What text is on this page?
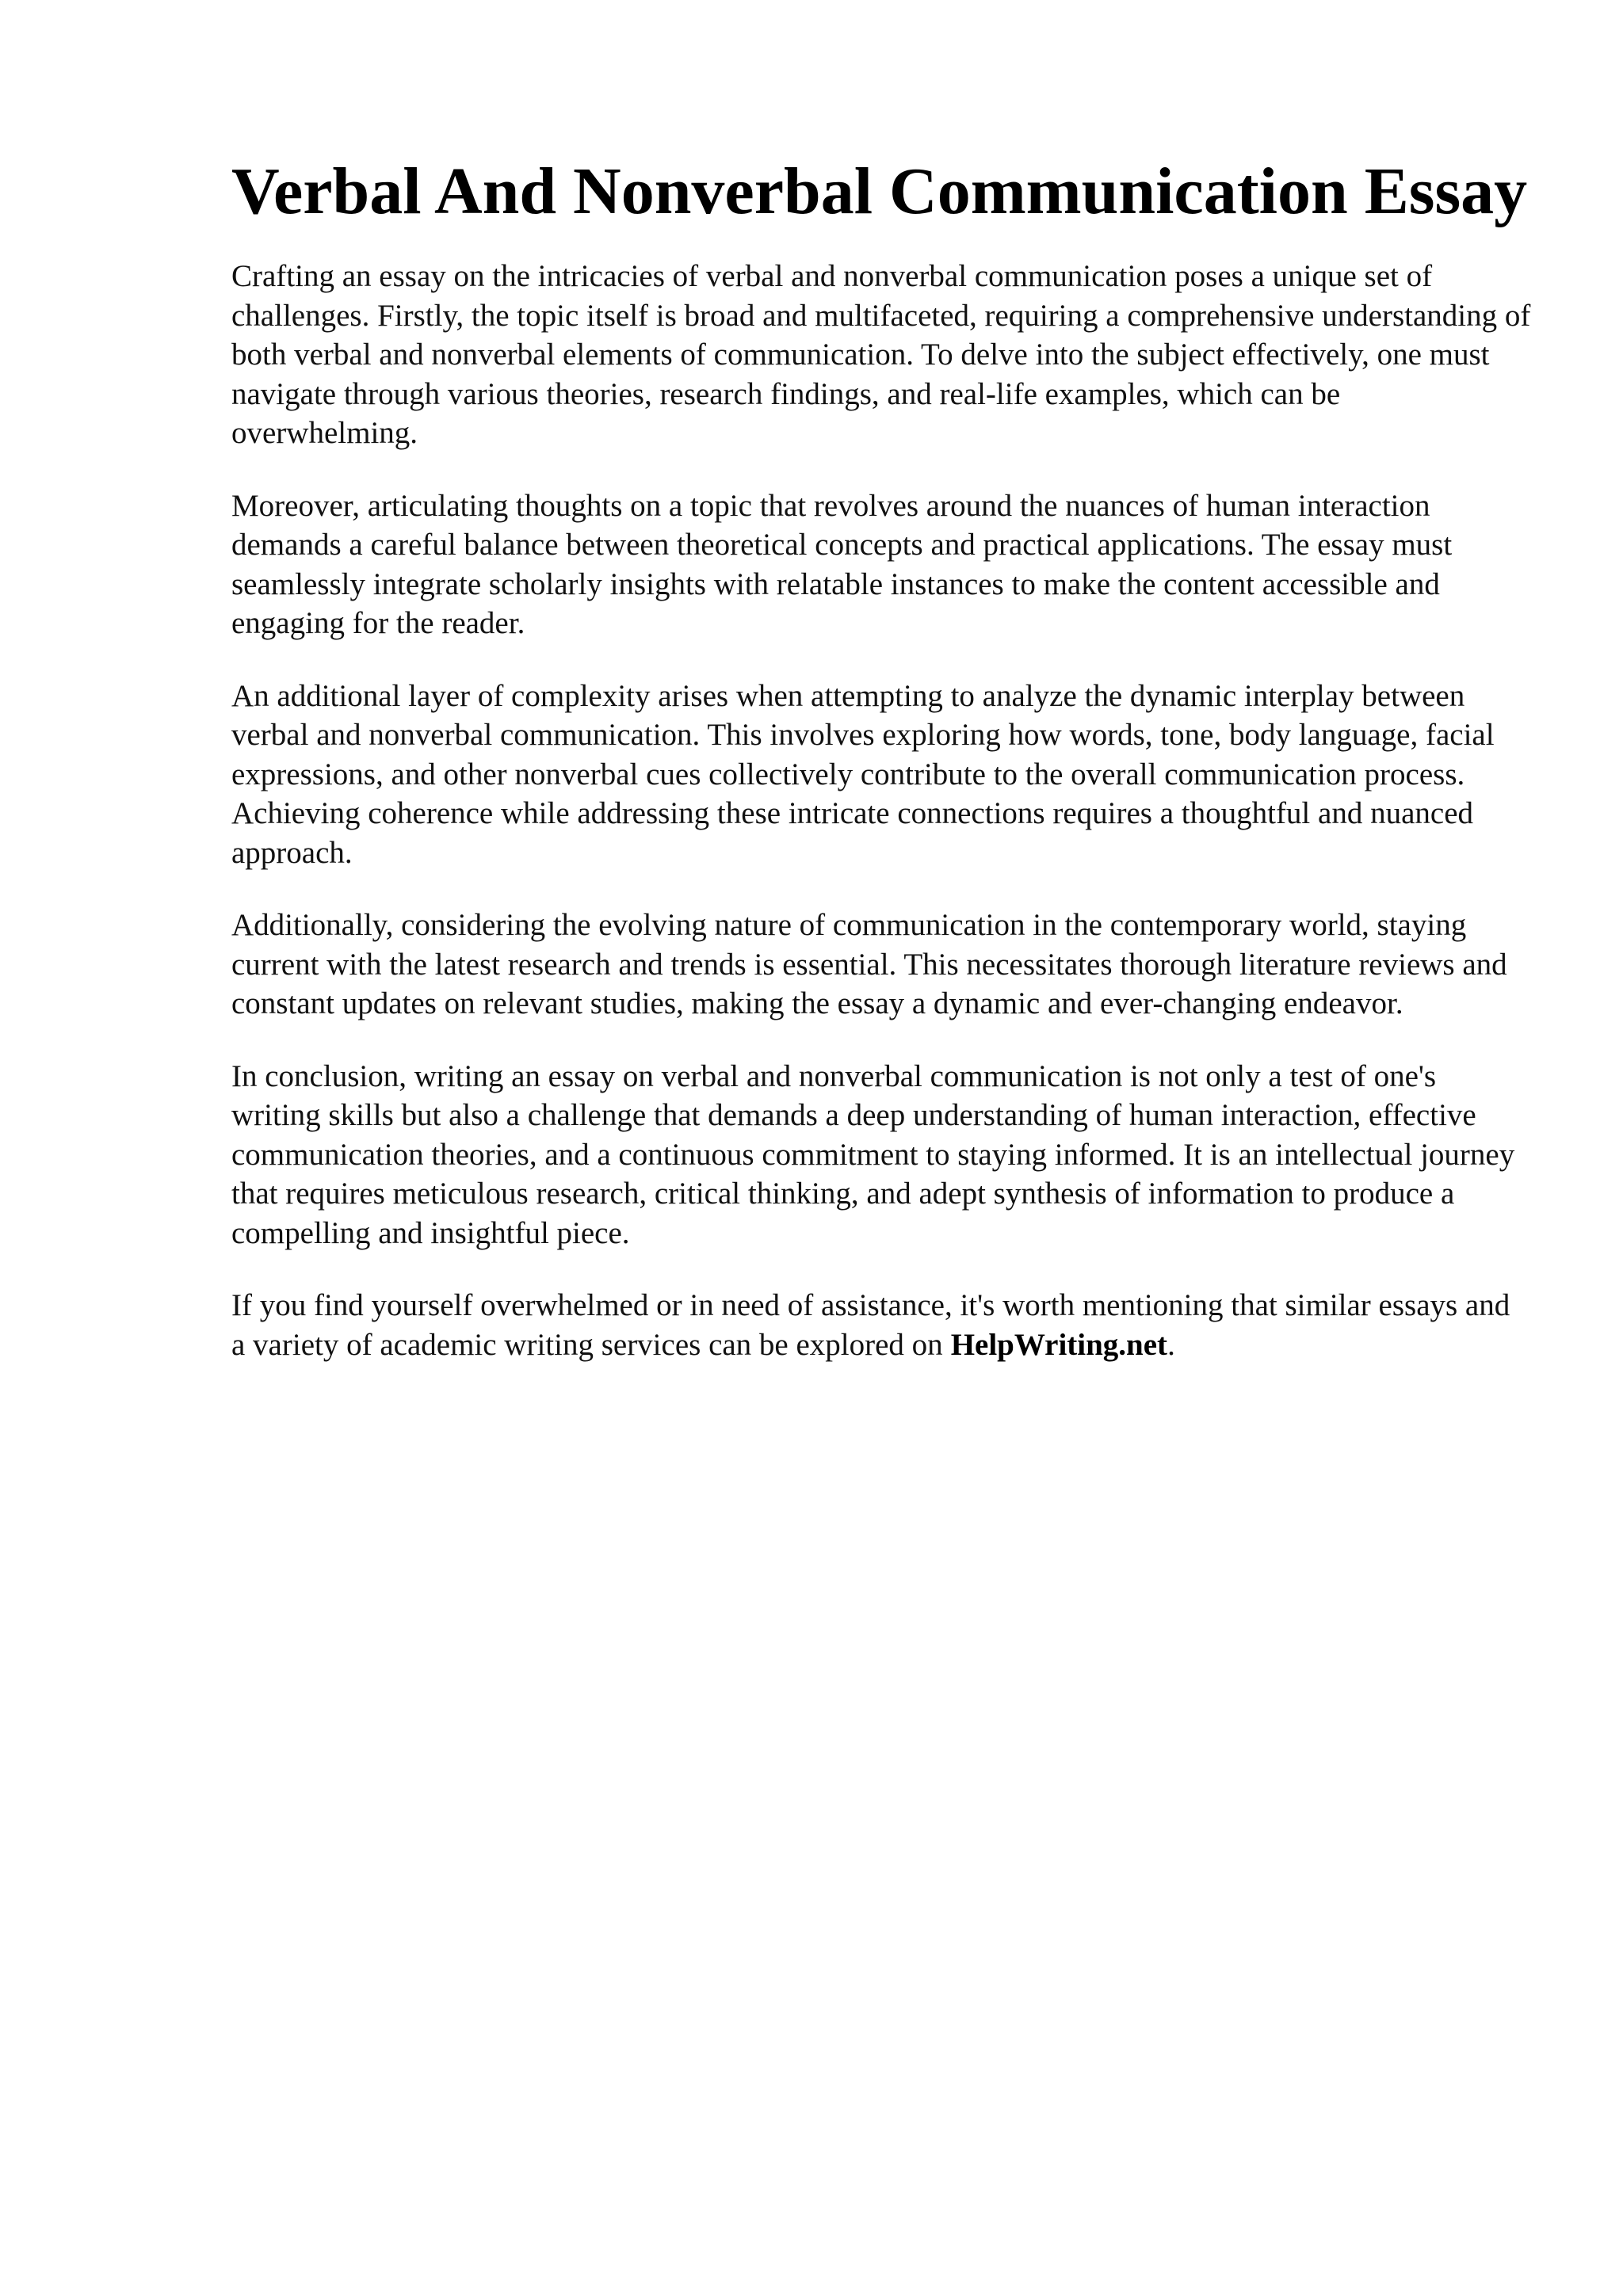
Verbal And Nonverbal Communication Essay

Crafting an essay on the intricacies of verbal and nonverbal communication poses a unique set of challenges. Firstly, the topic itself is broad and multifaceted, requiring a comprehensive understanding of both verbal and nonverbal elements of communication. To delve into the subject effectively, one must navigate through various theories, research findings, and real-life examples, which can be overwhelming.

Moreover, articulating thoughts on a topic that revolves around the nuances of human interaction demands a careful balance between theoretical concepts and practical applications. The essay must seamlessly integrate scholarly insights with relatable instances to make the content accessible and engaging for the reader.

An additional layer of complexity arises when attempting to analyze the dynamic interplay between verbal and nonverbal communication. This involves exploring how words, tone, body language, facial expressions, and other nonverbal cues collectively contribute to the overall communication process. Achieving coherence while addressing these intricate connections requires a thoughtful and nuanced approach.

Additionally, considering the evolving nature of communication in the contemporary world, staying current with the latest research and trends is essential. This necessitates thorough literature reviews and constant updates on relevant studies, making the essay a dynamic and ever-changing endeavor.

In conclusion, writing an essay on verbal and nonverbal communication is not only a test of one's writing skills but also a challenge that demands a deep understanding of human interaction, effective communication theories, and a continuous commitment to staying informed. It is an intellectual journey that requires meticulous research, critical thinking, and adept synthesis of information to produce a compelling and insightful piece.

If you find yourself overwhelmed or in need of assistance, it's worth mentioning that similar essays and a variety of academic writing services can be explored on HelpWriting.net.
